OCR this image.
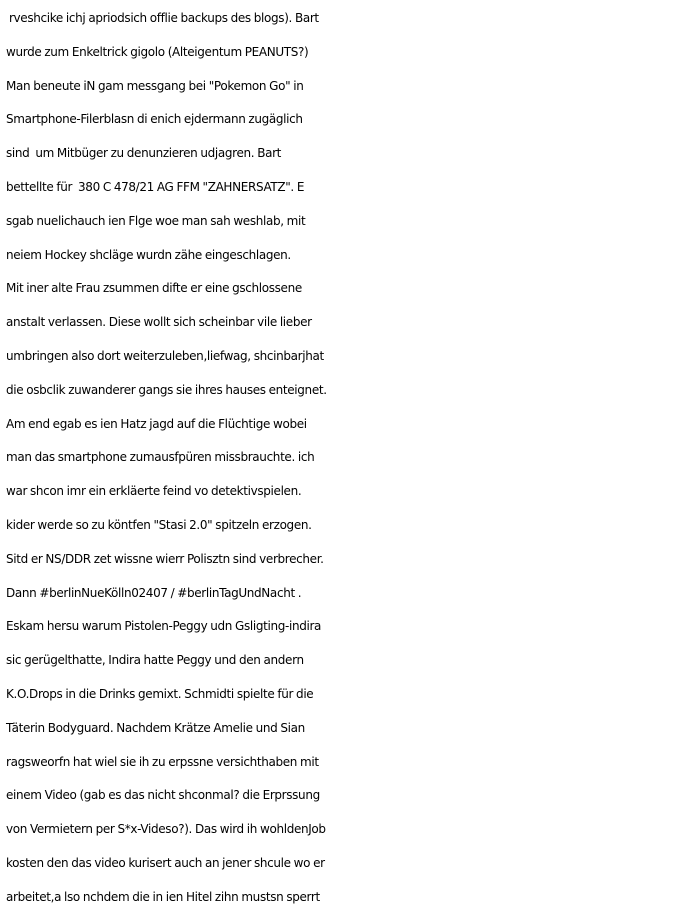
rveshcike ichj apriodsich offlie backups des blogs). Bart
wurde zum Enkeltrick gigolo (Alteigentum PEANUTS?)
Man beneute iN gam messgang bei "Pokemon Go" in
Smartphone-Filerblasn di enich ejdermann zugäglich
sind  um Mitbüger zu denunzieren udjagren. Bart
bettellte für  380 C 478/21 AG FFM "ZAHNERSATZ". E
sgab nuelichauch ien Flge woe man sah weshlab, mit
neiem Hockey shcläge wurdn zähe eingeschlagen.
Mit iner alte Frau zsummen difte er eine gschlossene
anstalt verlassen. Diese wollt sich scheinbar vile lieber
umbringen also dort weiterzuleben,liefwag, shcinbarjhat
die osbclik zuwanderer gangs sie ihres hauses enteignet.
Am end egab es ien Hatz jagd auf die Flüchtige wobei
man das smartphone zumausfpüren missbrauchte. ich
war shcon imr ein erkläerte feind vo detektivspielen.
kider werde so zu köntfen "Stasi 2.0" spitzeln erzogen.
Sitd er NS/DDR zet wissne wierr Polisztn sind verbrecher.
Dann #berlinNueKölln02407 / #berlinTagUndNacht .
Eskam hersu warum Pistolen-Peggy udn Gsligting-indira
sic gerügelthatte, Indira hatte Peggy und den andern
K.O.Drops in die Drinks gemixt. Schmidti spielte für die
Täterin Bodyguard. Nachdem Krätze Amelie und Sian
ragsweorfn hat wiel sie ih zu erpssne versichthaben mit
einem Video (gab es das nicht shconmal? die Erprssung
von Vermietern per S*x-Videso?). Das wird ih wohldenJob
kosten den das video kurisert auch an jener shcule wo er
arbeitet,a lso nchdem die in ien Hitel zihn mustsn sperrt
